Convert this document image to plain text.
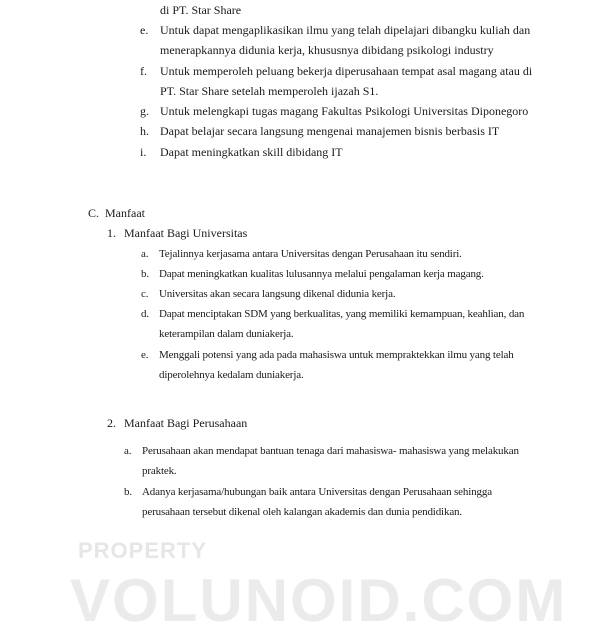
di PT. Star Share
e. Untuk dapat mengaplikasikan ilmu yang telah dipelajari dibangku kuliah dan
menerapkannya didunia kerja, khususnya dibidang psikologi industry
f. Untuk memperoleh peluang bekerja diperusahaan tempat asal magang atau di
PT. Star Share setelah memperoleh ijazah S1.
g. Untuk melengkapi tugas magang Fakultas Psikologi Universitas Diponegoro
h. Dapat belajar secara langsung mengenai manajemen bisnis berbasis IT
i. Dapat meningkatkan skill dibidang IT
C. Manfaat
1. Manfaat Bagi Universitas
a. Tejalinnya kerjasama antara Universitas dengan Perusahaan itu sendiri.
b. Dapat meningkatkan kualitas lulusannya melalui pengalaman kerja magang.
c. Universitas akan secara langsung dikenal didunia kerja.
d. Dapat menciptakan SDM yang berkualitas, yang memiliki kemampuan, keahlian, dan
keterampilan dalam duniakerja.
e. Menggali potensi yang ada pada mahasiswa untuk mempraktekkan ilmu yang telah
diperolehnya kedalam duniakerja.
2. Manfaat Bagi Perusahaan
a. Perusahaan akan mendapat bantuan tenaga dari mahasiswa- mahasiswa yang melakukan
praktek.
b. Adanya kerjasama/hubungan baik antara Universitas dengan Perusahaan sehingga
perusahaan tersebut dikenal oleh kalangan akademis dan dunia pendidikan.
PROPERTY
VOLUNOID.COM
